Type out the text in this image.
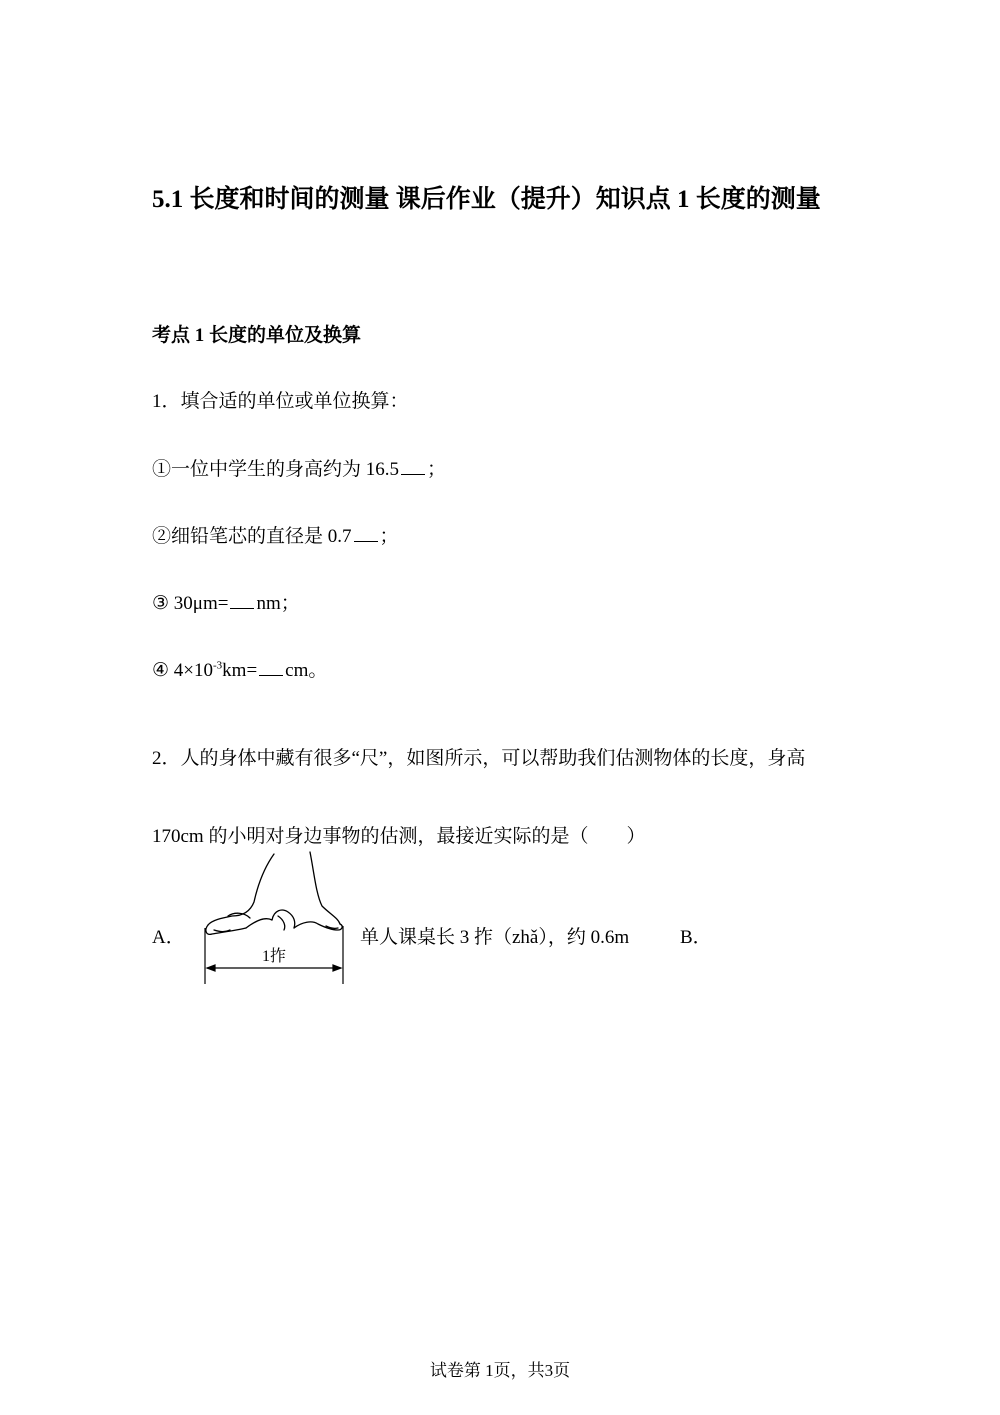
5.1 长度和时间的测量 课后作业（提升）知识点 1 长度的测量
考点 1 长度的单位及换算

1．填合适的单位或单位换算：

①一位中学生的身高约为 16.5 ；

②细铅笔芯的直径是 0.7 ；

③ 30μm= nm；

④ $4\times 10^{-3}km=$ cm。

2．人的身体中藏有很多“尺”，如图所示，可以帮助我们估测物体的长度，身高 170cm 的小明对身边事物的估测，最接近实际的是（　　）

A．
1拃
单人课桌长 3 拃（zhǎ），约 0.6m	B．
试卷第 1页，共3页
